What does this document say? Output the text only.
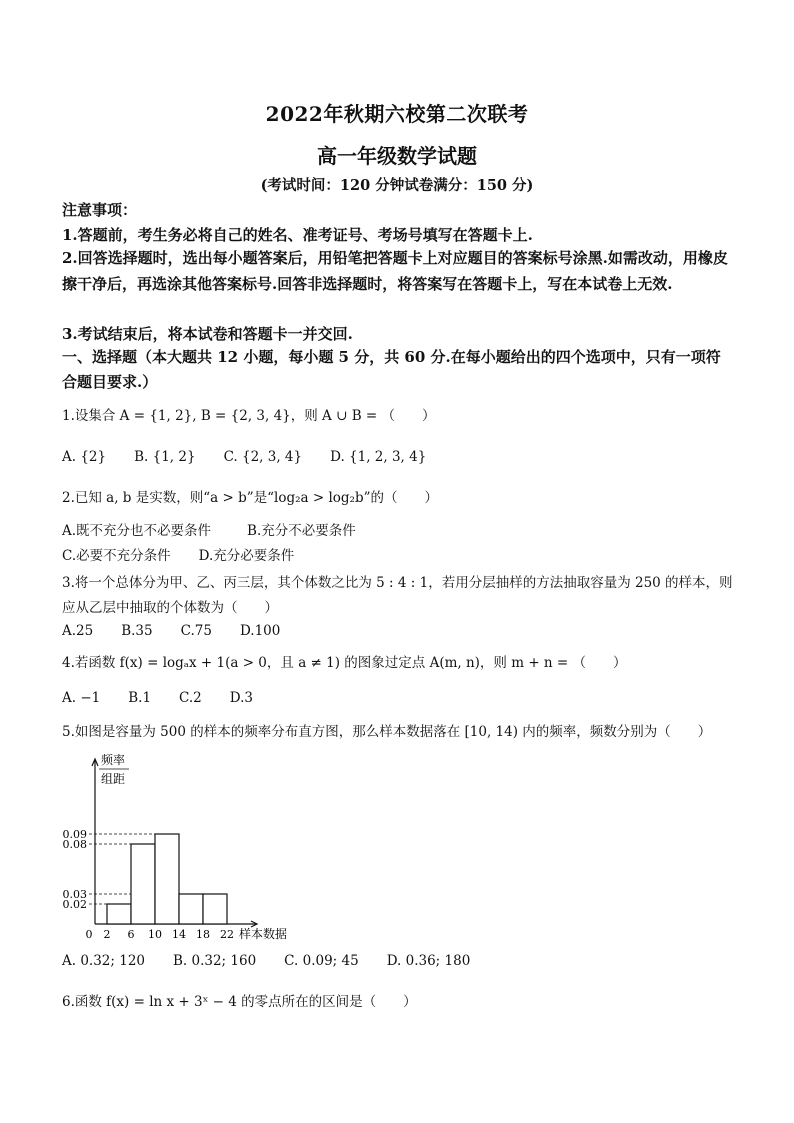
2022年秋期六校第二次联考
高一年级数学试题
(考试时间：120 分钟试卷满分：150 分)
注意事项：
1.答题前，考生务必将自己的姓名、准考证号、考场号填写在答题卡上.
2.回答选择题时，选出每小题答案后，用铅笔把答题卡上对应题目的答案标号涂黑.如需改动，用橡皮擦干净后，再选涂其他答案标号.回答非选择题时，将答案写在答题卡上，写在本试卷上无效.
3.考试结束后，将本试卷和答题卡一并交回.
一、选择题（本大题共 12 小题，每小题 5 分，共 60 分.在每小题给出的四个选项中，只有一项符合题目要求.）
1.设集合 A = {1, 2}, B = {2, 3, 4}，则 A ∪ B = （　　）
A. {2} B. {1, 2} C. {2, 3, 4} D. {1, 2, 3, 4}
2.已知 a, b 是实数，则“a > b”是“log₂a > log₂b”的（　　）
A.既不充分也不必要条件	B.充分不必要条件
C.必要不充分条件 D.充分必要条件
3.将一个总体分为甲、乙、丙三层，其个体数之比为 5 : 4 : 1，若用分层抽样的方法抽取容量为 250 的样本，则应从乙层中抽取的个体数为（　　）
A.25 B.35 C.75 D.100
4.若函数 f(x) = logₐx + 1(a > 0，且 a ≠ 1) 的图象过定点 A(m, n)，则 m + n = （　　）
A. −1 B.1 C.2 D.3
5.如图是容量为 500 的样本的频率分布直方图，那么样本数据落在 [10, 14) 内的频率，频数分别为（　　）
频率
组距
0.02
0.03
0.08
0.09
0 2 6 10 14 18 22 样本数据
A. 0.32; 120 B. 0.32; 160 C. 0.09; 45 D. 0.36; 180
6.函数 f(x) = ln x + 3ˣ − 4 的零点所在的区间是（　　）
